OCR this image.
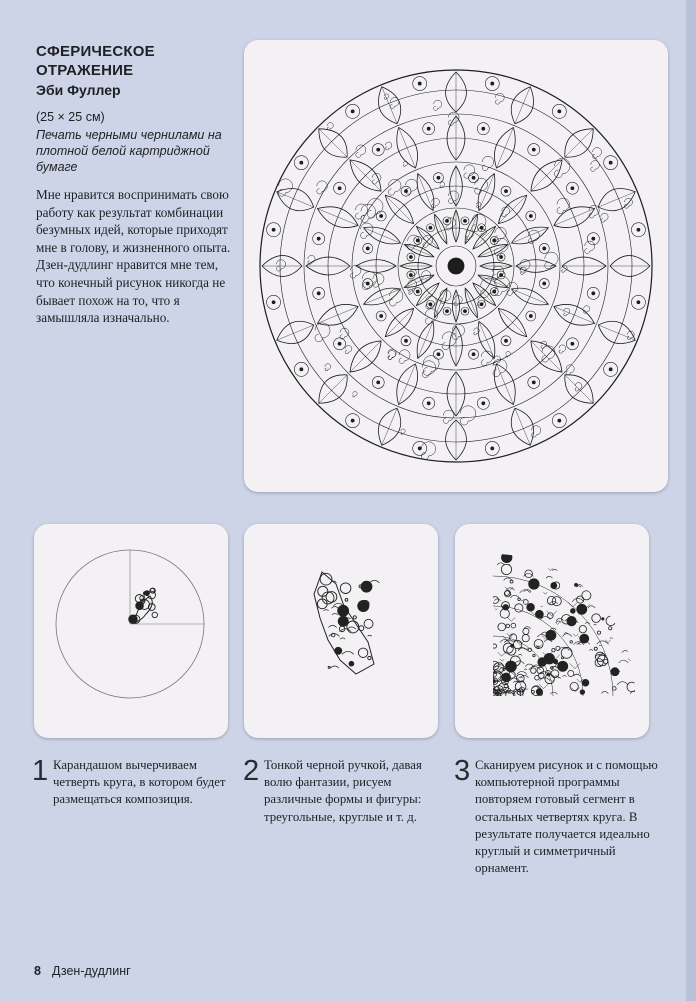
СФЕРИЧЕСКОЕ ОТРАЖЕНИЕ
Эби Фуллер
(25 × 25 см)
Печать черными чернилами на плотной белой картриджной бумаге
Мне нравится воспринимать свою работу как результат комбинации безумных идей, которые приходят мне в голову, и жизненного опыта. Дзен-дудлинг нравится мне тем, что конечный рисунок никогда не бывает похож на то, что я замышляла изначально.
1 Карандашом вычерчиваем четверть круга, в котором будет размещаться композиция.
2 Тонкой черной ручкой, давая волю фантазии, рисуем различные формы и фигуры: треугольные, круглые и т. д.
3 Сканируем рисунок и с помощью компьютерной программы повторяем готовый сегмент в остальных четвертях круга. В результате получается идеально круглый и симметричный орнамент.
8 Дзен-дудлинг
